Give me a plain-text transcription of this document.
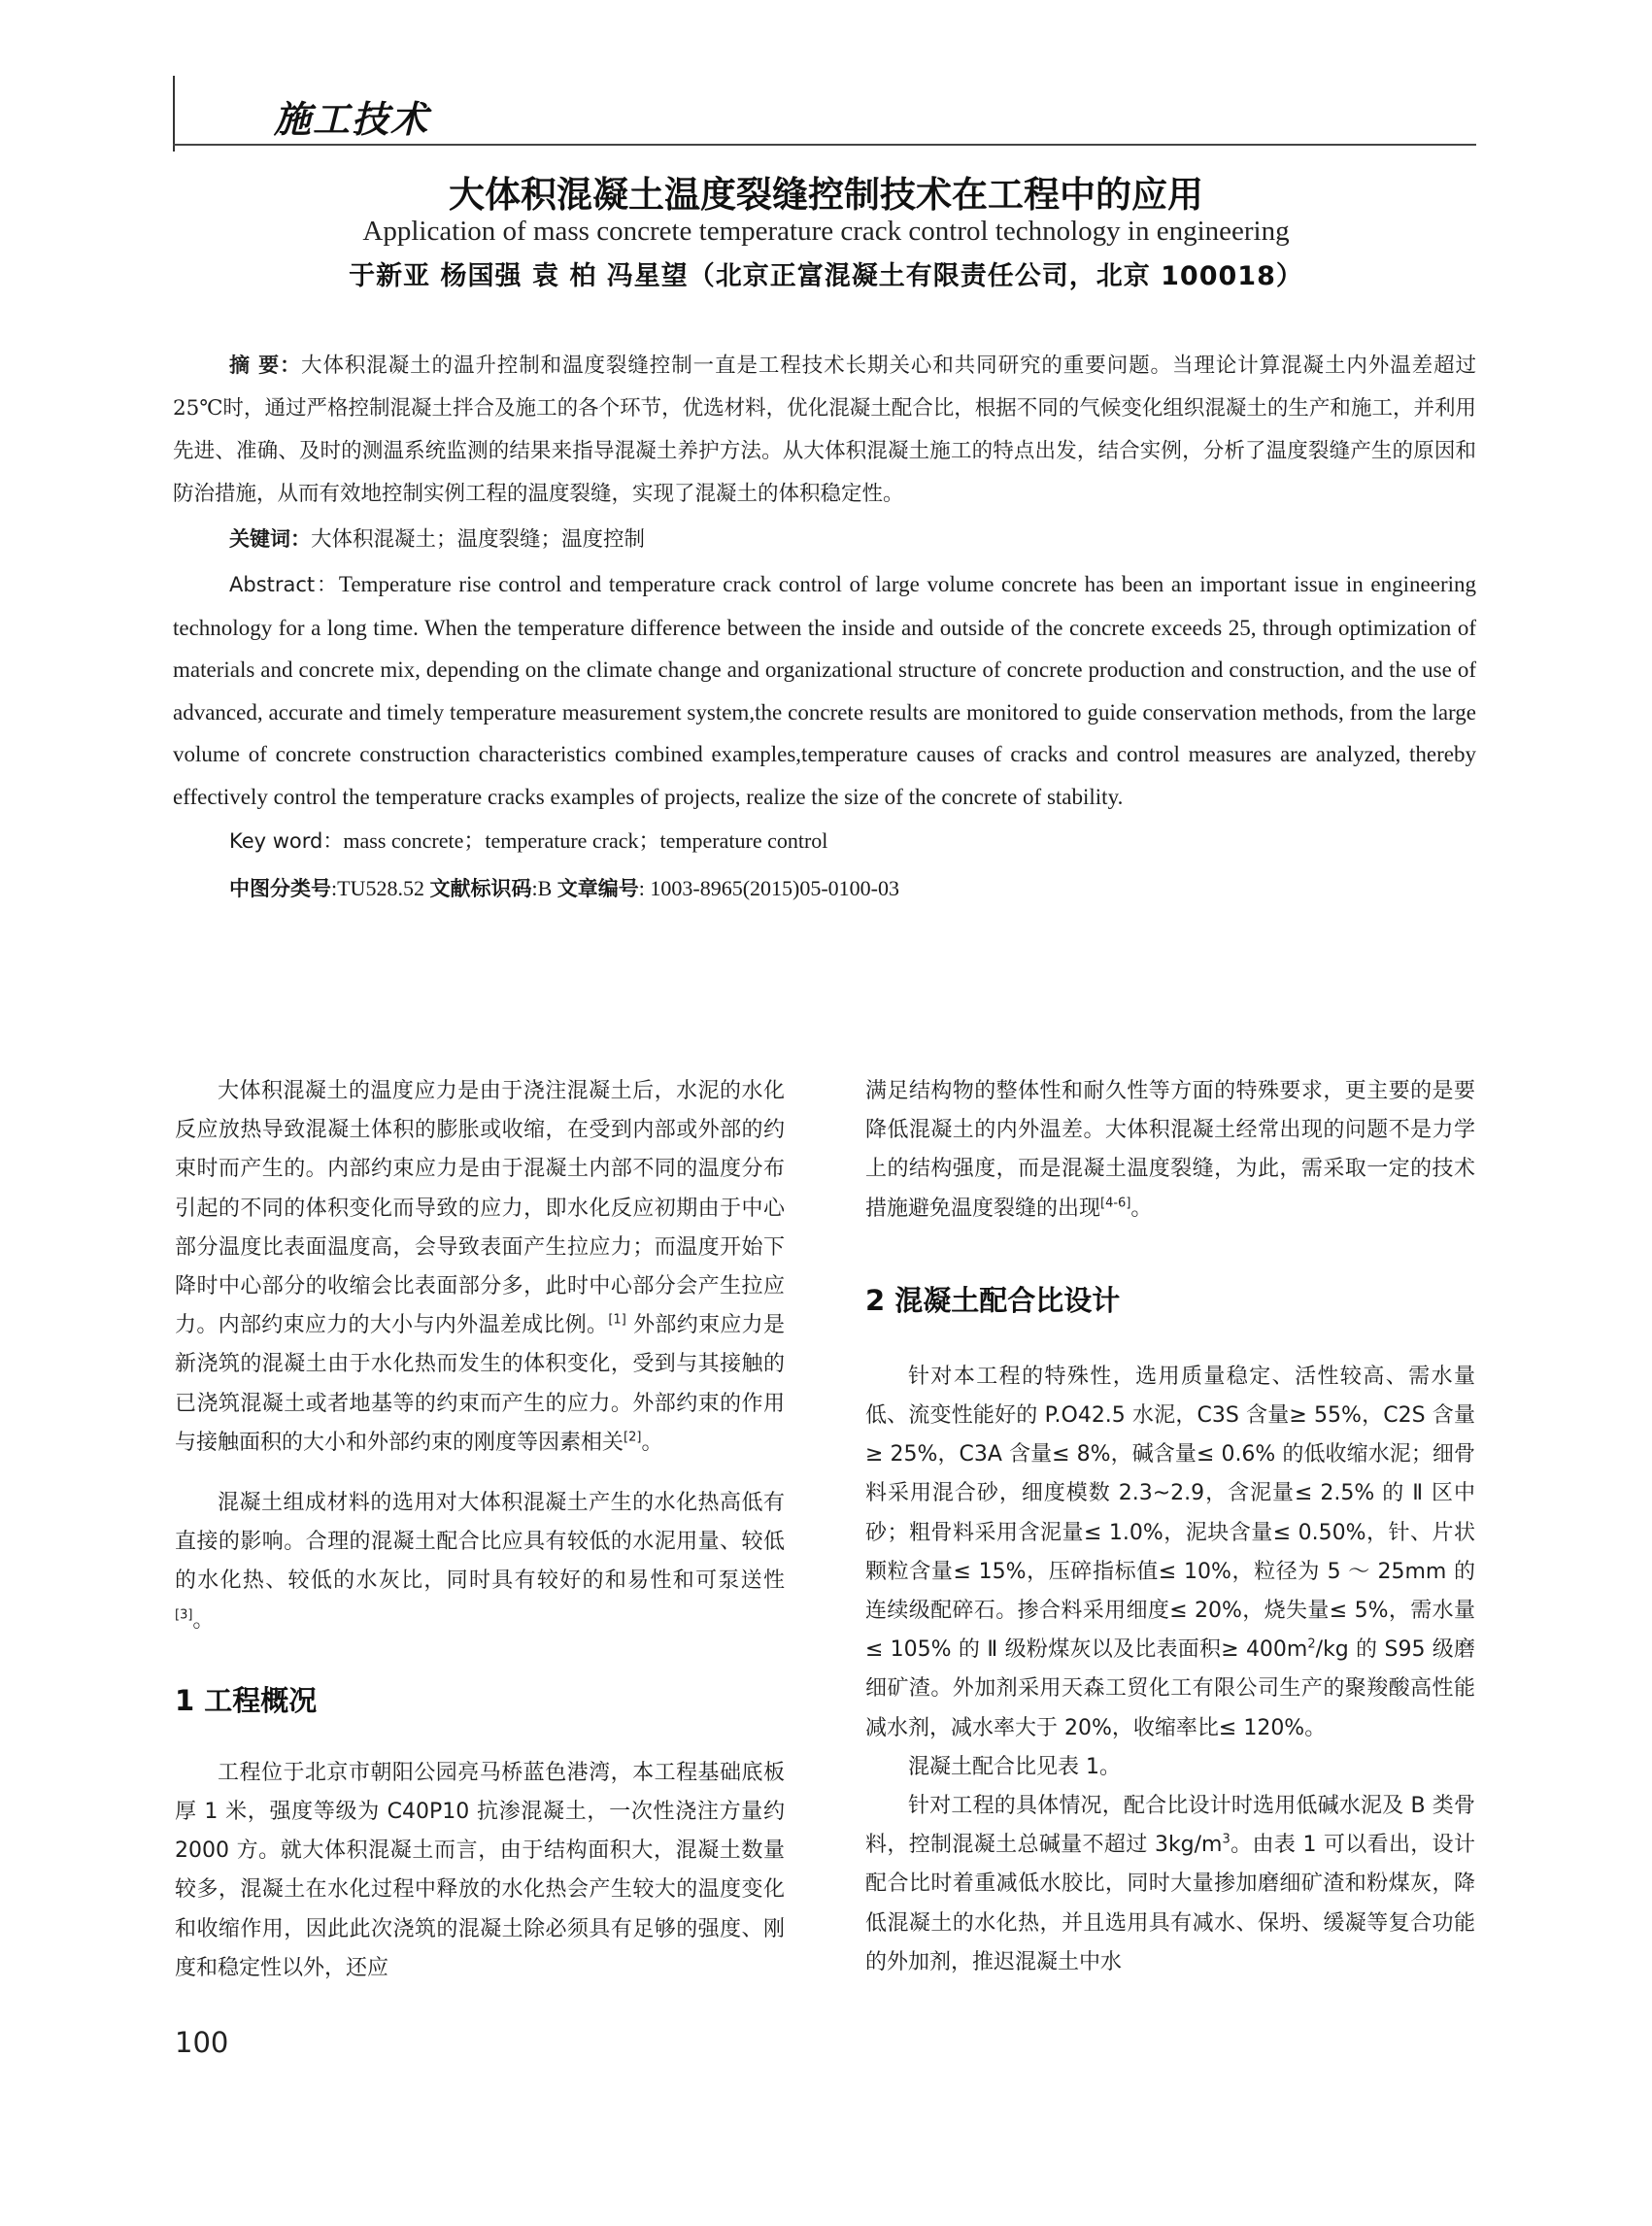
施工技术
大体积混凝土温度裂缝控制技术在工程中的应用
Application of mass concrete temperature crack control technology in engineering
于新亚 杨国强 袁 柏 冯星望（北京正富混凝土有限责任公司，北京 100018）

摘 要：大体积混凝土的温升控制和温度裂缝控制一直是工程技术长期关心和共同研究的重要问题。当理论计算混凝土内外温差超过 25℃时，通过严格控制混凝土拌合及施工的各个环节，优选材料，优化混凝土配合比，根据不同的气候变化组织混凝土的生产和施工，并利用先进、准确、及时的测温系统监测的结果来指导混凝土养护方法。从大体积混凝土施工的特点出发，结合实例，分析了温度裂缝产生的原因和防治措施，从而有效地控制实例工程的温度裂缝，实现了混凝土的体积稳定性。

关键词：大体积混凝土；温度裂缝；温度控制

Abstract：Temperature rise control and temperature crack control of large volume concrete has been an important issue in engineering technology for a long time. When the temperature difference between the inside and outside of the concrete exceeds 25, through optimization of materials and concrete mix, depending on the climate change and organizational structure of concrete production and construction, and the use of advanced, accurate and timely temperature measurement system,the concrete results are monitored to guide conservation methods, from the large volume of concrete construction characteristics combined examples,temperature causes of cracks and control measures are analyzed, thereby effectively control the temperature cracks examples of projects, realize the size of the concrete of stability.

Key word：mass concrete；temperature crack；temperature control

中图分类号:TU528.52 文献标识码:B 文章编号: 1003-8965(2015)05-0100-03

大体积混凝土的温度应力是由于浇注混凝土后，水泥的水化反应放热导致混凝土体积的膨胀或收缩，在受到内部或外部的约束时而产生的。内部约束应力是由于混凝土内部不同的温度分布引起的不同的体积变化而导致的应力，即水化反应初期由于中心部分温度比表面温度高，会导致表面产生拉应力；而温度开始下降时中心部分的收缩会比表面部分多，此时中心部分会产生拉应力。内部约束应力的大小与内外温差成比例。[1] 外部约束应力是新浇筑的混凝土由于水化热而发生的体积变化，受到与其接触的已浇筑混凝土或者地基等的约束而产生的应力。外部约束的作用与接触面积的大小和外部约束的刚度等因素相关[2]。

混凝土组成材料的选用对大体积混凝土产生的水化热高低有直接的影响。合理的混凝土配合比应具有较低的水泥用量、较低的水化热、较低的水灰比，同时具有较好的和易性和可泵送性[3]。

1 工程概况

工程位于北京市朝阳公园亮马桥蓝色港湾，本工程基础底板厚 1 米，强度等级为 C40P10 抗渗混凝土，一次性浇注方量约 2000 方。就大体积混凝土而言，由于结构面积大，混凝土数量较多，混凝土在水化过程中释放的水化热会产生较大的温度变化和收缩作用，因此此次浇筑的混凝土除必须具有足够的强度、刚度和稳定性以外，还应

满足结构物的整体性和耐久性等方面的特殊要求，更主要的是要降低混凝土的内外温差。大体积混凝土经常出现的问题不是力学上的结构强度，而是混凝土温度裂缝，为此，需采取一定的技术措施避免温度裂缝的出现[4-6]。

2 混凝土配合比设计

针对本工程的特殊性，选用质量稳定、活性较高、需水量低、流变性能好的 P.O42.5 水泥，C3S 含量≥ 55%，C2S 含量≥ 25%，C3A 含量≤ 8%，碱含量≤ 0.6% 的低收缩水泥；细骨料采用混合砂，细度模数 2.3~2.9，含泥量≤ 2.5% 的 Ⅱ 区中砂；粗骨料采用含泥量≤ 1.0%，泥块含量≤ 0.50%，针、片状颗粒含量≤ 15%，压碎指标值≤ 10%，粒径为 5 ～ 25mm 的连续级配碎石。掺合料采用细度≤ 20%，烧失量≤ 5%，需水量≤ 105% 的 Ⅱ 级粉煤灰以及比表面积≥ $400m^2/kg$ 的 S95 级磨细矿渣。外加剂采用天森工贸化工有限公司生产的聚羧酸高性能减水剂，减水率大于 20%，收缩率比≤ 120%。

混凝土配合比见表 1。

针对工程的具体情况，配合比设计时选用低碱水泥及 B 类骨料，控制混凝土总碱量不超过 $3kg/m^3$。由表 1 可以看出，设计配合比时着重减低水胶比，同时大量掺加磨细矿渣和粉煤灰，降低混凝土的水化热，并且选用具有减水、保坍、缓凝等复合功能的外加剂，推迟混凝土中水

100
